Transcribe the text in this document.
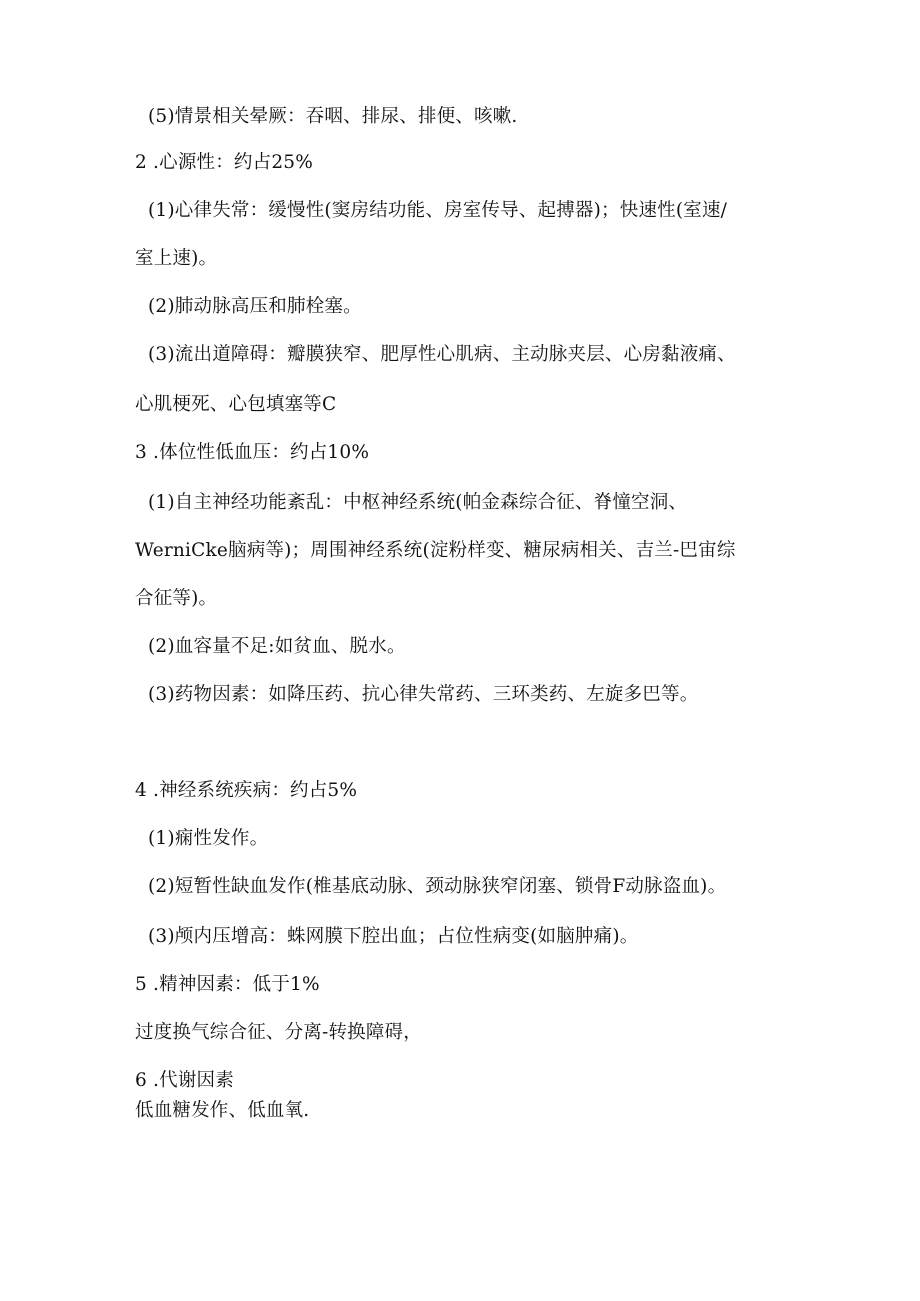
(5)情景相关晕厥：吞咽、排尿、排便、咳嗽.
2 .心源性：约占25%
(1)心律失常：缓慢性(窦房结功能、房室传导、起搏器)；快速性(室速/
室上速)。
(2)肺动脉高压和肺栓塞。
(3)流出道障碍：瓣膜狭窄、肥厚性心肌病、主动脉夹层、心房黏液痛、
心肌梗死、心包填塞等C
3 .体位性低血压：约占10%
(1)自主神经功能紊乱：中枢神经系统(帕金森综合征、脊憧空洞、
WerniCke脑病等)；周围神经系统(淀粉样变、糖尿病相关、吉兰-巴宙综
合征等)。
(2)血容量不足:如贫血、脱水。
(3)药物因素：如降压药、抗心律失常药、三环类药、左旋多巴等。
4 .神经系统疾病：约占5%
(1)痫性发作。
(2)短暂性缺血发作(椎基底动脉、颈动脉狭窄闭塞、锁骨F动脉盗血)。
(3)颅内压增高：蛛网膜下腔出血；占位性病变(如脑肿痛)。
5 .精神因素：低于1%
过度换气综合征、分离-转换障碍，
6 .代谢因素
低血糖发作、低血氧.
